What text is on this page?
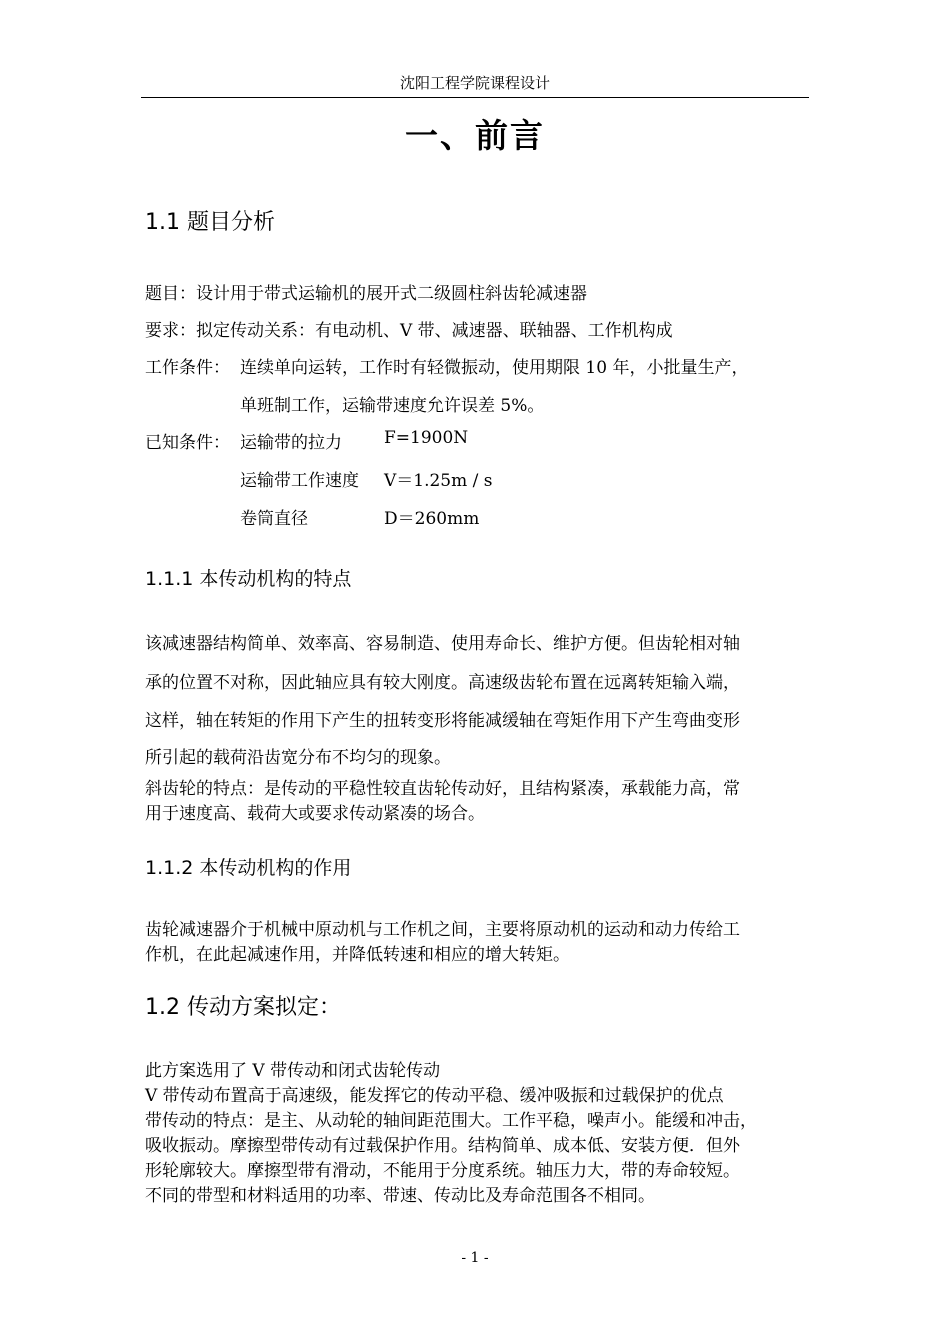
沈阳工程学院课程设计
一、前言
1.1 题目分析
题目：设计用于带式运输机的展开式二级圆柱斜齿轮减速器
要求：拟定传动关系：有电动机、V 带、减速器、联轴器、工作机构成
工作条件： 连续单向运转，工作时有轻微振动，使用期限 10 年，小批量生产，
单班制工作，运输带速度允许误差 5%。
已知条件： 运输带的拉力 F=1900N
运输带工作速度 V＝1.25m / s
卷筒直径	D＝260mm
1.1.1 本传动机构的特点
该减速器结构简单、效率高、容易制造、使用寿命长、维护方便。但齿轮相对轴
承的位置不对称，因此轴应具有较大刚度。高速级齿轮布置在远离转矩输入端，
这样，轴在转矩的作用下产生的扭转变形将能减缓轴在弯矩作用下产生弯曲变形
所引起的载荷沿齿宽分布不均匀的现象。
斜齿轮的特点：是传动的平稳性较直齿轮传动好，且结构紧凑，承载能力高，常
用于速度高、载荷大或要求传动紧凑的场合。
1.1.2 本传动机构的作用
齿轮减速器介于机械中原动机与工作机之间，主要将原动机的运动和动力传给工
作机，在此起减速作用，并降低转速和相应的增大转矩。
1.2 传动方案拟定：
此方案选用了 V 带传动和闭式齿轮传动
V 带传动布置高于高速级，能发挥它的传动平稳、缓冲吸振和过载保护的优点
带传动的特点：是主、从动轮的轴间距范围大。工作平稳，噪声小。能缓和冲击，
吸收振动。摩擦型带传动有过载保护作用。结构简单、成本低、安装方便．但外
形轮廓较大。摩擦型带有滑动，不能用于分度系统。轴压力大，带的寿命较短。
不同的带型和材料适用的功率、带速、传动比及寿命范围各不相同。
- 1 -
